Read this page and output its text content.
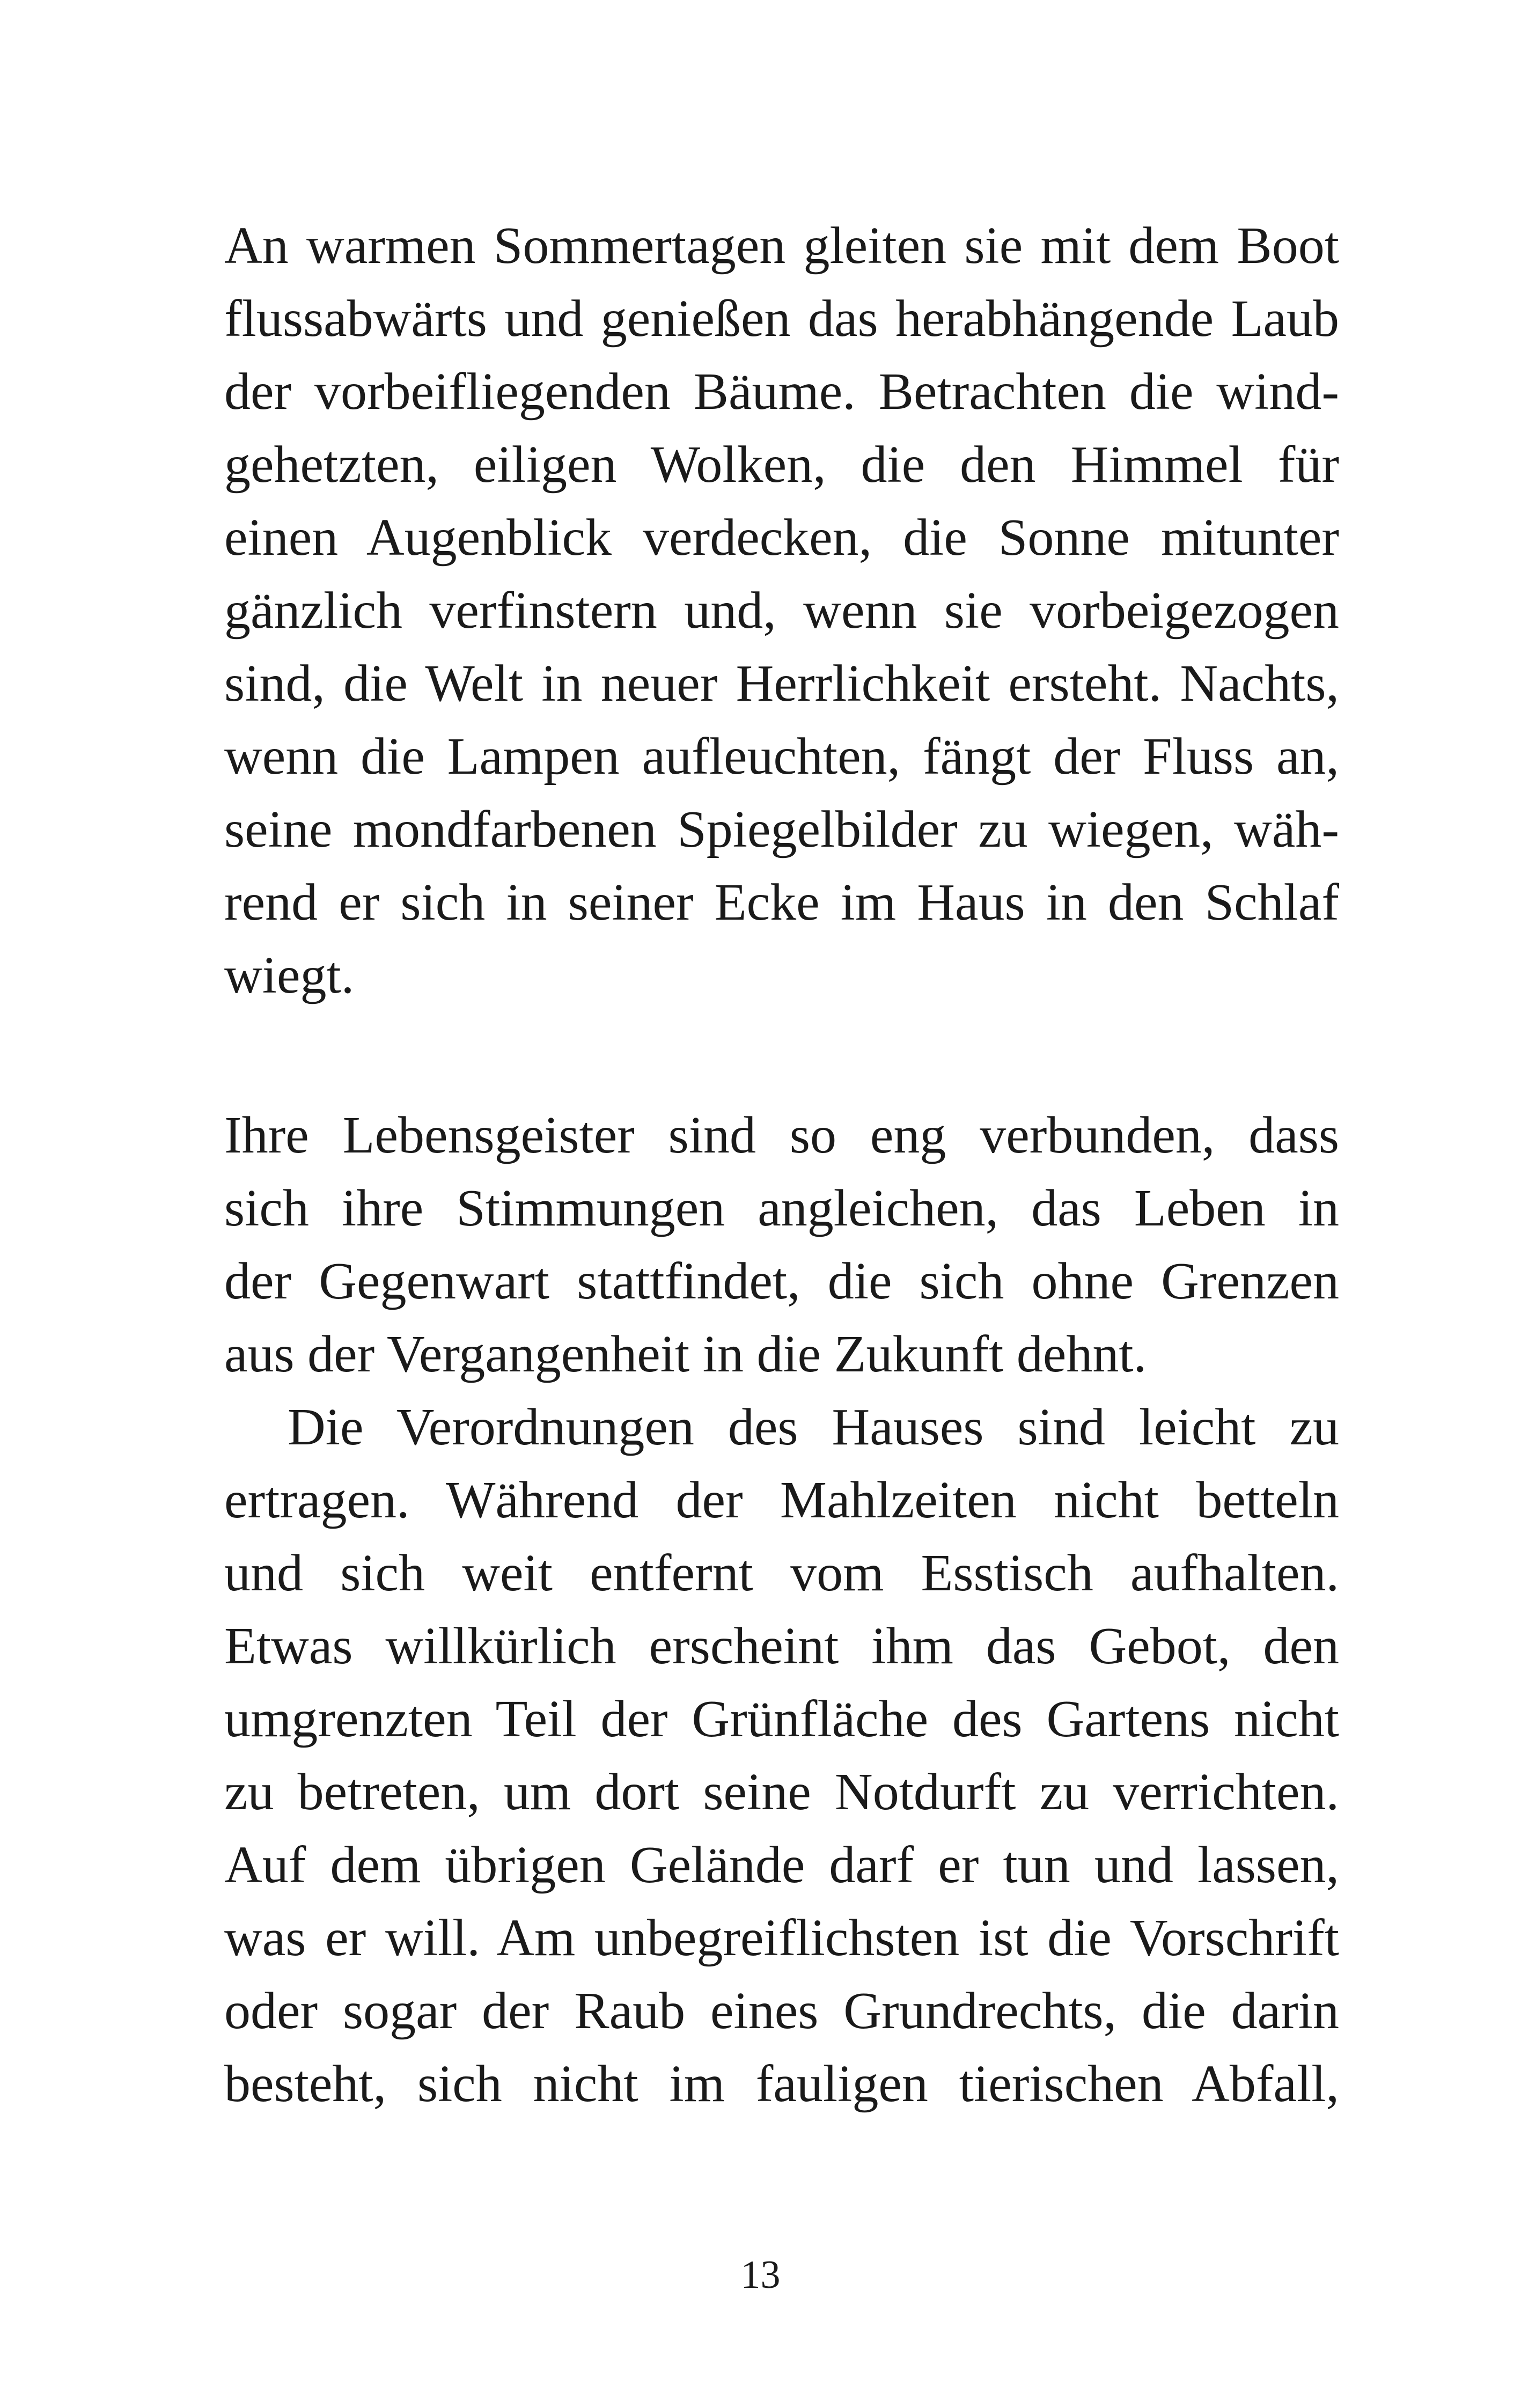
An warmen Sommertagen gleiten sie mit dem Boot
flussabwärts und genießen das herabhängende Laub
der vorbeifliegenden Bäume. Betrachten die wind-
gehetzten, eiligen Wolken, die den Himmel für
einen Augenblick verdecken, die Sonne mitunter
gänzlich verfinstern und, wenn sie vorbeigezogen
sind, die Welt in neuer Herrlichkeit ersteht. Nachts,
wenn die Lampen aufleuchten, fängt der Fluss an,
seine mondfarbenen Spiegelbilder zu wiegen, wäh-
rend er sich in seiner Ecke im Haus in den Schlaf
wiegt.
Ihre Lebensgeister sind so eng verbunden, dass
sich ihre Stimmungen angleichen, das Leben in
der Gegenwart stattfindet, die sich ohne Grenzen
aus der Vergangenheit in die Zukunft dehnt.
Die Verordnungen des Hauses sind leicht zu
ertragen. Während der Mahlzeiten nicht betteln
und sich weit entfernt vom Esstisch aufhalten.
Etwas willkürlich erscheint ihm das Gebot, den
umgrenzten Teil der Grünfläche des Gartens nicht
zu betreten, um dort seine Notdurft zu verrichten.
Auf dem übrigen Gelände darf er tun und lassen,
was er will. Am unbegreiflichsten ist die Vorschrift
oder sogar der Raub eines Grundrechts, die darin
besteht, sich nicht im fauligen tierischen Abfall,
13
